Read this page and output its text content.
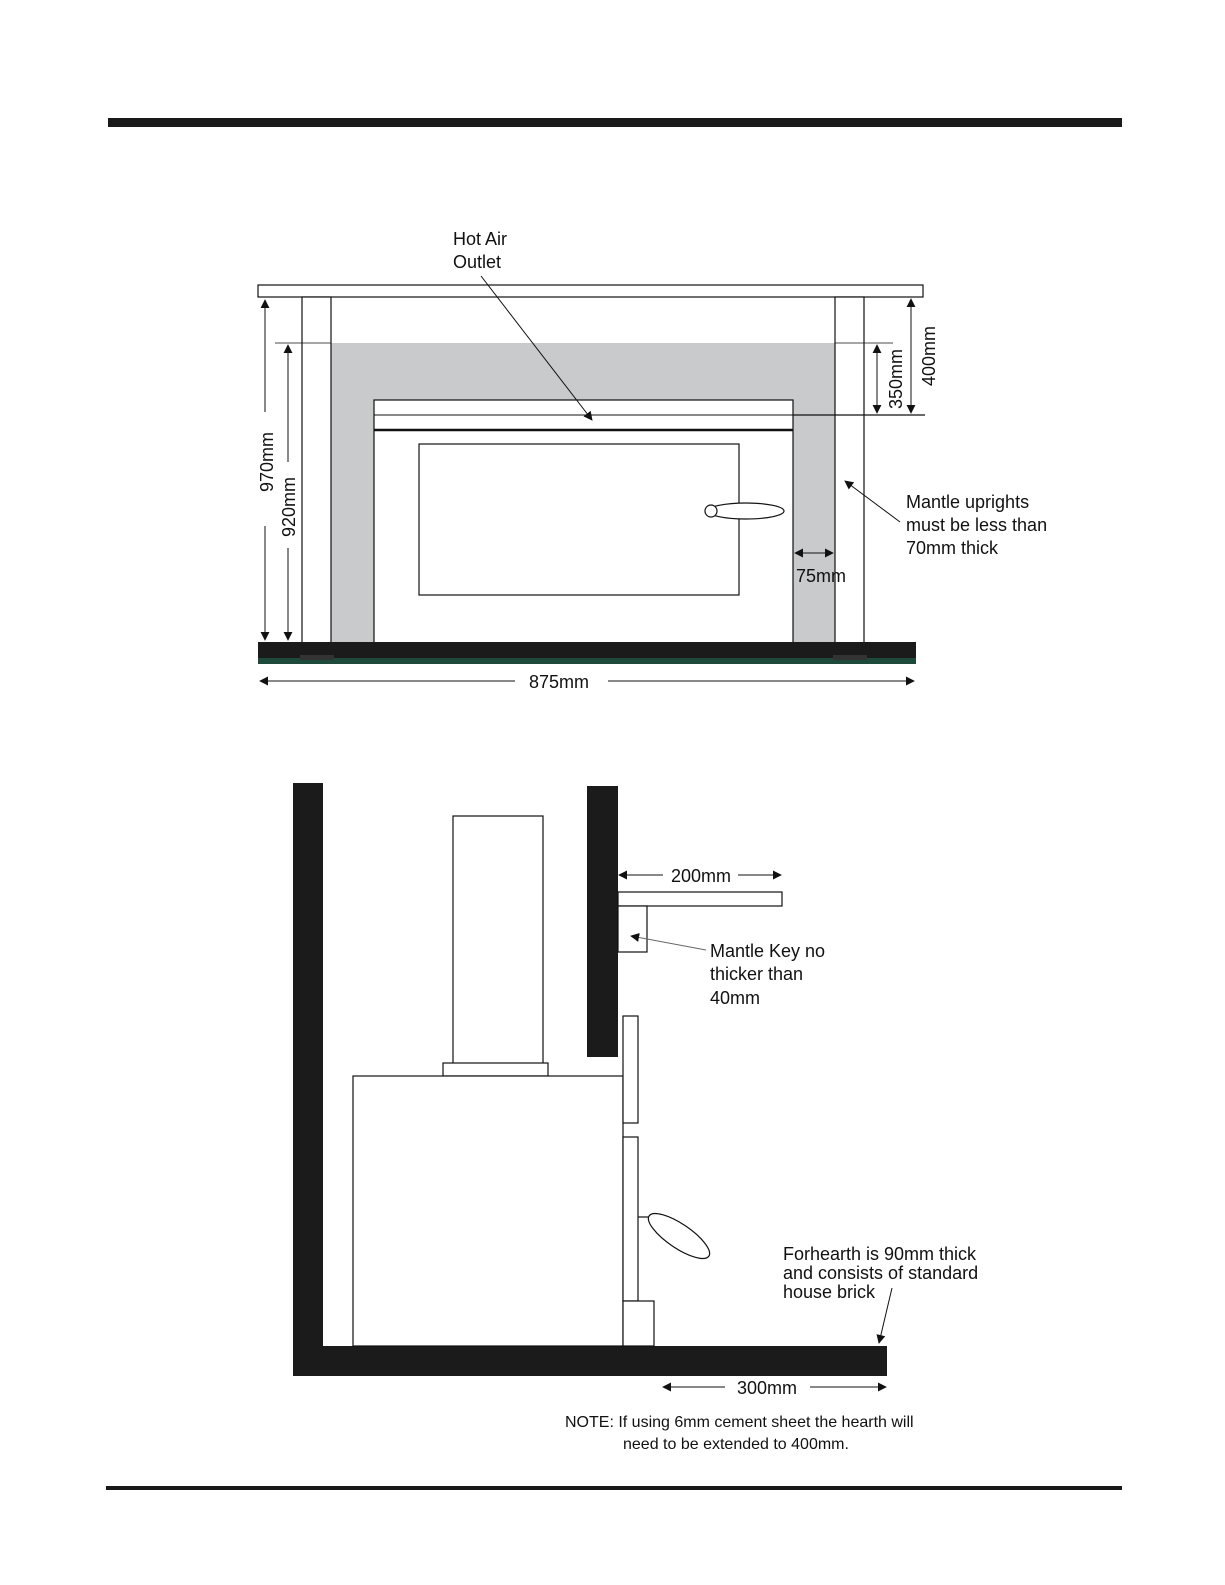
970mm
920mm
400mm
350mm
75mm
875mm
Hot Air
Outlet
Mantle uprights
must be less than
70mm thick
200mm
Mantle Key no
thicker than
40mm
Forhearth is 90mm thick
and consists of standard
house brick
300mm
NOTE: If using 6mm cement sheet the hearth will
need to be extended to 400mm.
